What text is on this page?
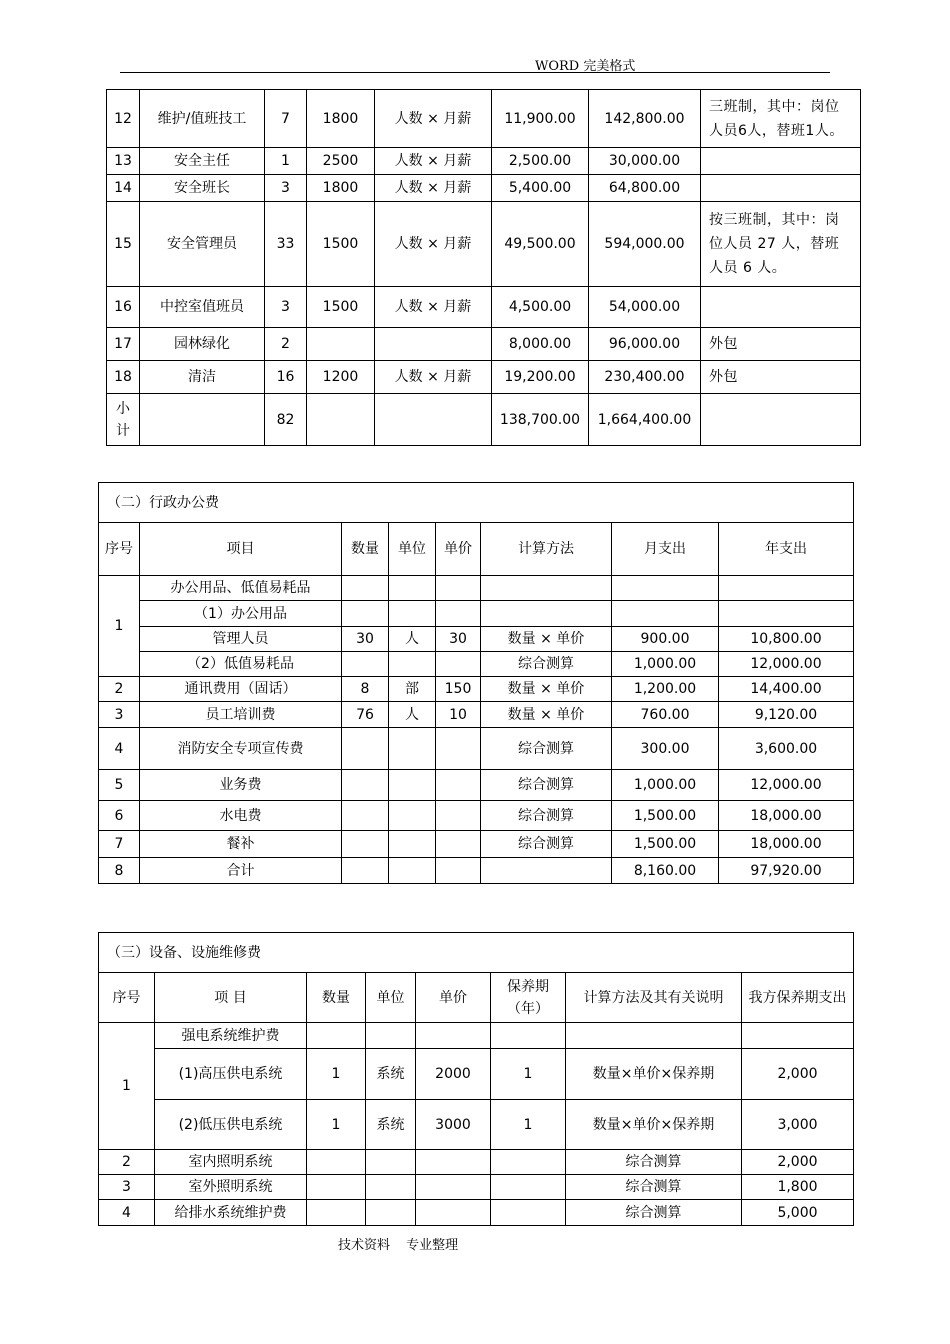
WORD 完美格式
12	维护/值班技工	7	1800	人数 × 月薪	11,900.00	142,800.00	三班制，其中：岗位人员6人，替班1人。
13	安全主任	1	2500	人数 × 月薪	2,500.00	30,000.00	
14	安全班长	3	1800	人数 × 月薪	5,400.00	64,800.00	
15	安全管理员	33	1500	人数 × 月薪	49,500.00	594,000.00	按三班制，其中：岗位人员 27 人，替班人员 6 人。
16	中控室值班员	3	1500	人数 × 月薪	4,500.00	54,000.00	
17	园林绿化	2			8,000.00	96,000.00	外包
18	清洁	16	1200	人数 × 月薪	19,200.00	230,400.00	外包
小计		82			138,700.00	1,664,400.00	
（二）行政办公费							
序号	项目	数量	单位	单价	计算方法	月支出	年支出
1	办公用品、低值易耗品						
	（1）办公用品						
	管理人员	30	人	30	数量 × 单价	900.00	10,800.00
	（2）低值易耗品				综合测算	1,000.00	12,000.00
2	通讯费用（固话）	8	部	150	数量 × 单价	1,200.00	14,400.00
3	员工培训费	76	人	10	数量 × 单价	760.00	9,120.00
4	消防安全专项宣传费				综合测算	300.00	3,600.00
5	业务费				综合测算	1,000.00	12,000.00
6	水电费				综合测算	1,500.00	18,000.00
7	餐补				综合测算	1,500.00	18,000.00
8	合计					8,160.00	97,920.00
（三）设备、设施维修费							
序号	项 目	数量	单位	单价	保养期（年）	计算方法及其有关说明	我方保养期支出
1	强电系统维护费						
	(1)高压供电系统	1	系统	2000	1	数量×单价×保养期	2,000
	(2)低压供电系统	1	系统	3000	1	数量×单价×保养期	3,000
2	室内照明系统					综合测算	2,000
3	室外照明系统					综合测算	1,800
4	给排水系统维护费					综合测算	5,000
技术资料 专业整理
